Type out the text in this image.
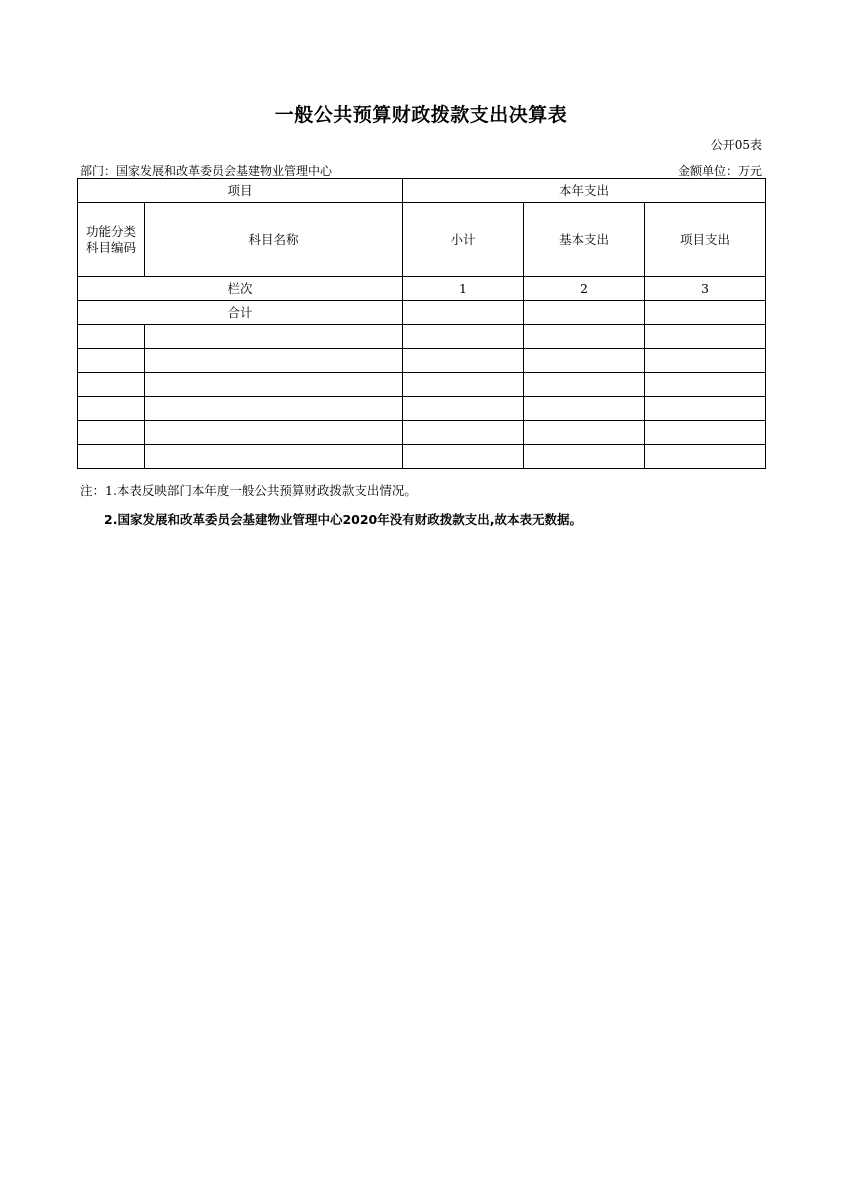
一般公共预算财政拨款支出决算表
公开05表
部门：国家发展和改革委员会基建物业管理中心	金额单位：万元
项目		本年支出		
功能分类科目编码	科目名称	小计	基本支出	项目支出
栏次		1	2	3
合计				

注：1.本表反映部门本年度一般公共预算财政拨款支出情况。
2.国家发展和改革委员会基建物业管理中心2020年没有财政拨款支出,故本表无数据。
